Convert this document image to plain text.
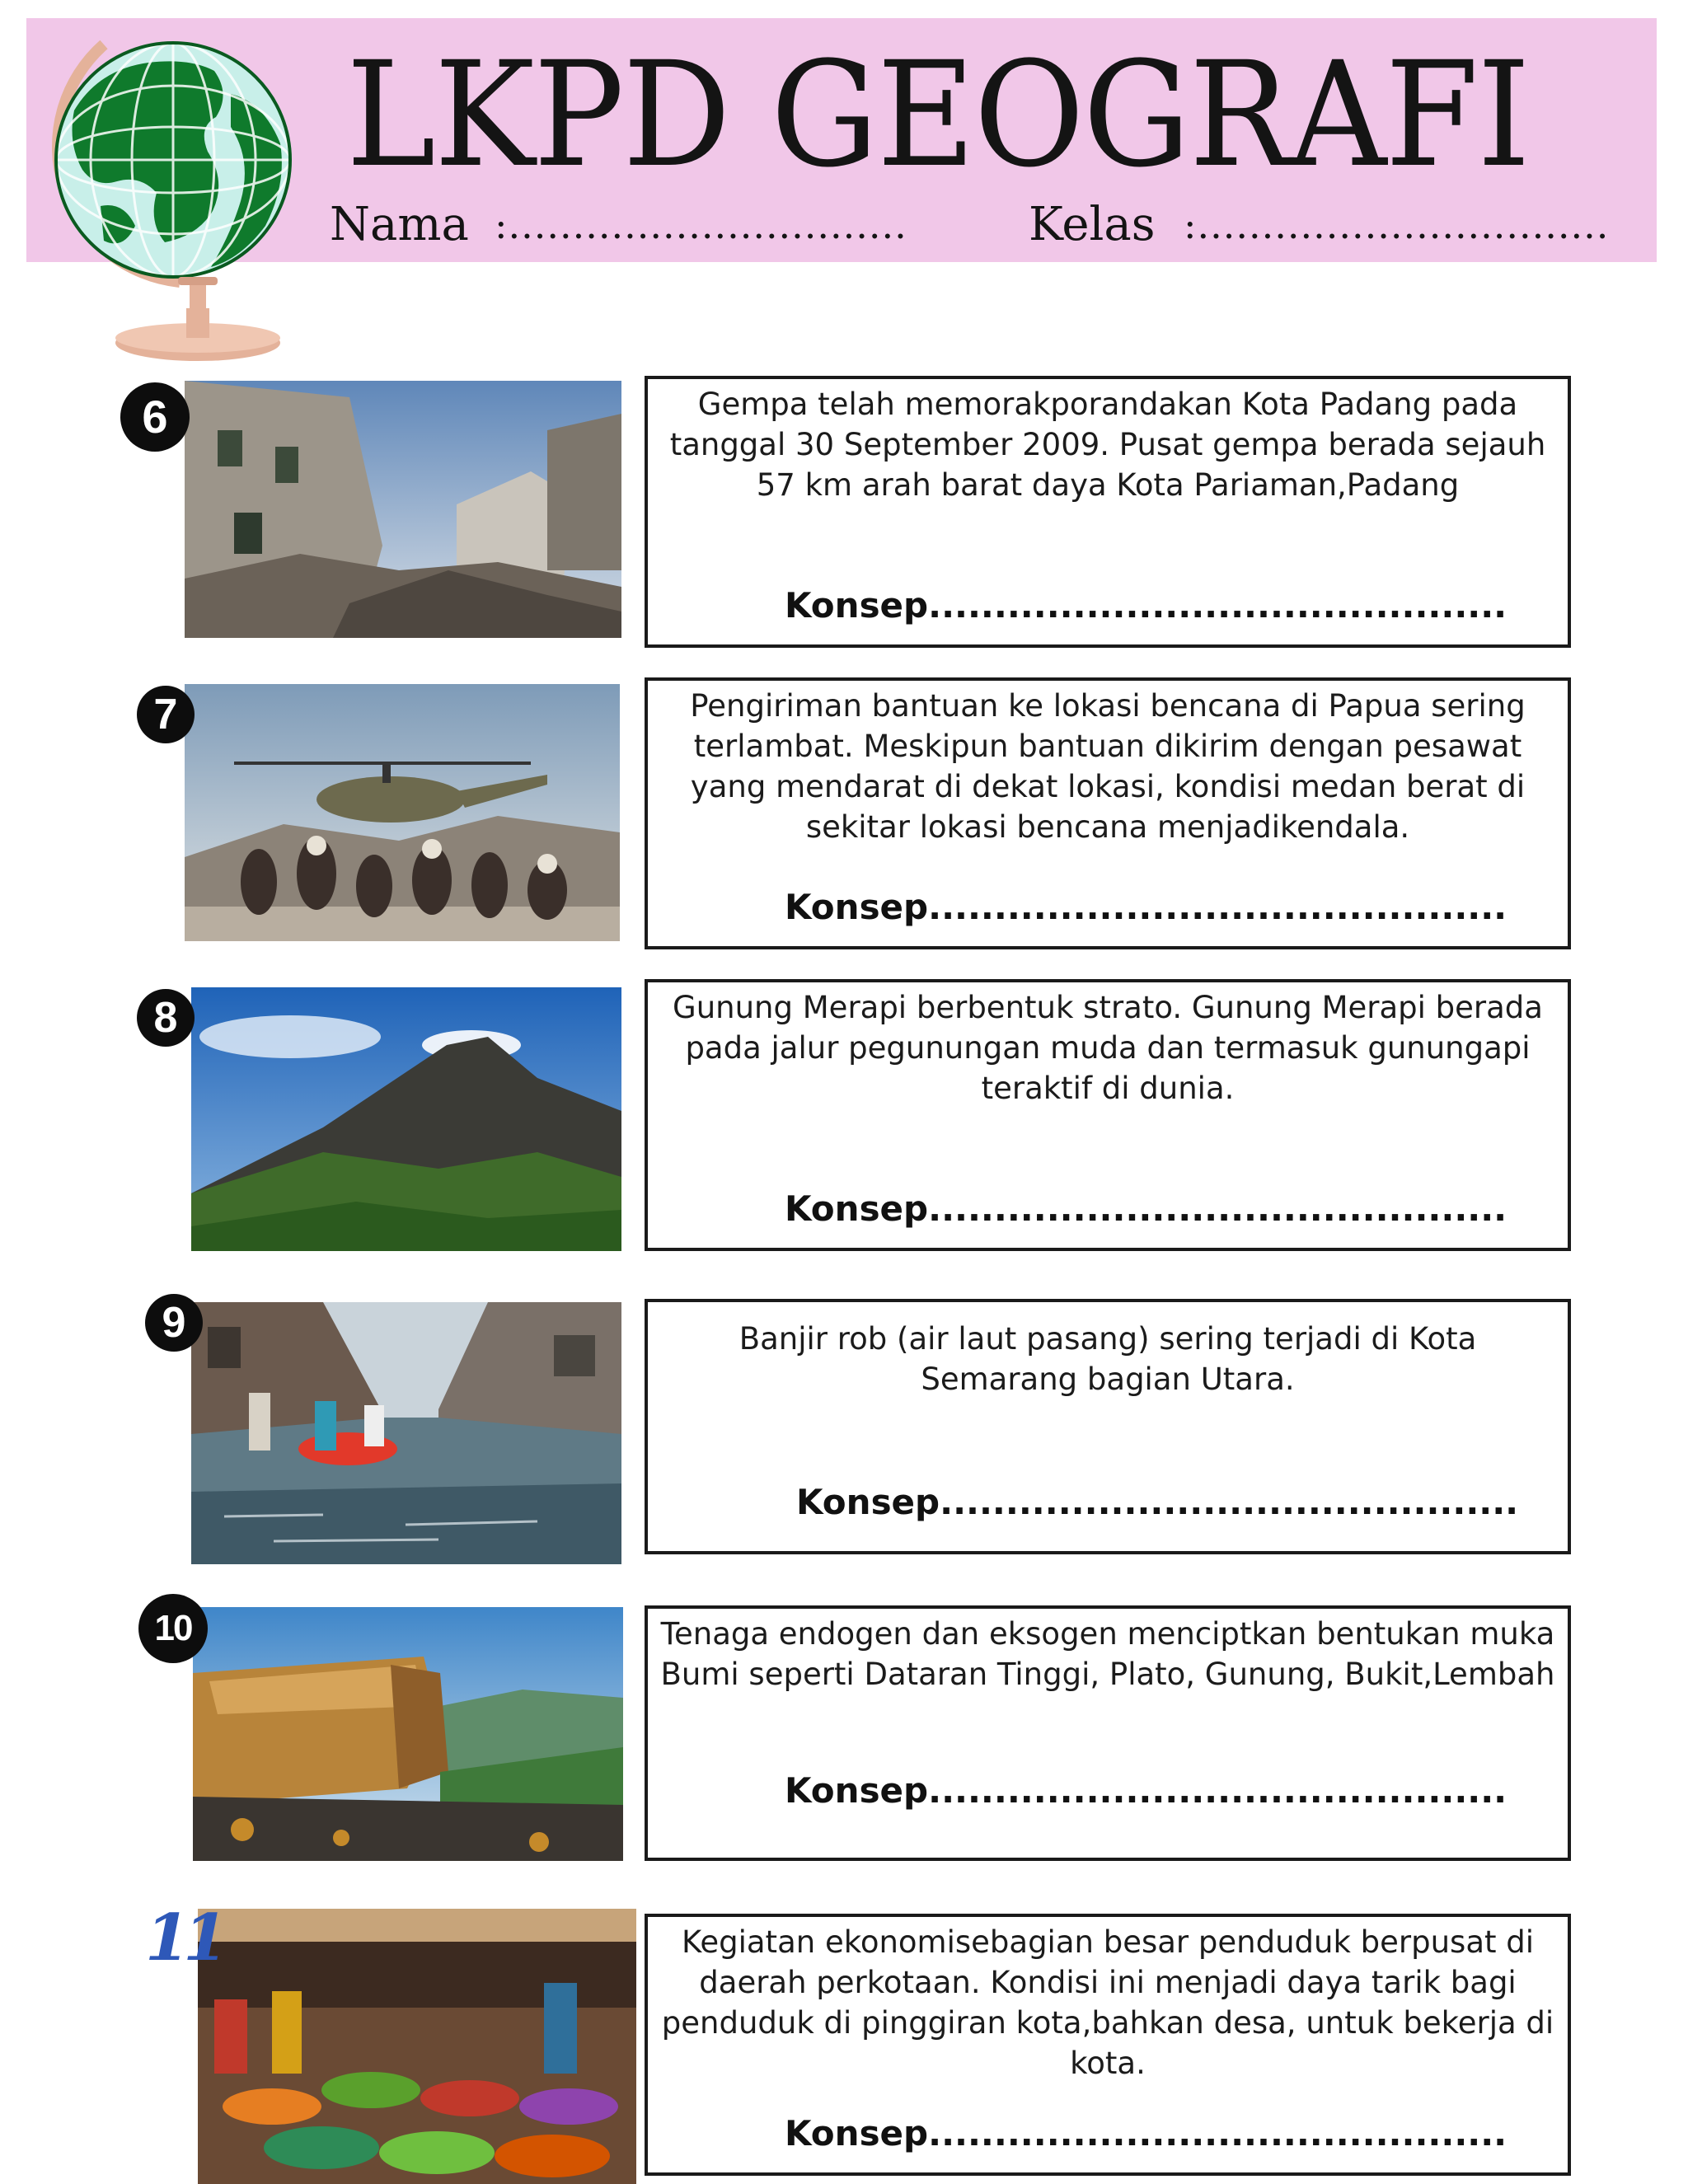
LKPD GEOGRAFI
Nama :...............................	Kelas :................................
6	Gempa telah memorakporandakan Kota Padang pada tanggal 30 September 2009. Pusat gempa berada sejauh 57 km arah barat daya Kota Pariaman,Padang
Konsep............................................
7	Pengiriman bantuan ke lokasi bencana di Papua sering terlambat. Meskipun bantuan dikirim dengan pesawat yang mendarat di dekat lokasi, kondisi medan berat di sekitar lokasi bencana menjadikendala.
Konsep............................................
8	Gunung Merapi berbentuk strato. Gunung Merapi berada pada jalur pegunungan muda dan termasuk gunungapi teraktif di dunia.
Konsep............................................
9	Banjir rob (air laut pasang) sering terjadi di Kota Semarang bagian Utara.
Konsep............................................
10	Tenaga endogen dan eksogen menciptkan bentukan muka Bumi seperti Dataran Tinggi, Plato, Gunung, Bukit,Lembah
Konsep............................................
11	Kegiatan ekonomisebagian besar penduduk berpusat di daerah perkotaan. Kondisi ini menjadi daya tarik bagi penduduk di pinggiran kota,bahkan desa, untuk bekerja di kota.
Konsep............................................
